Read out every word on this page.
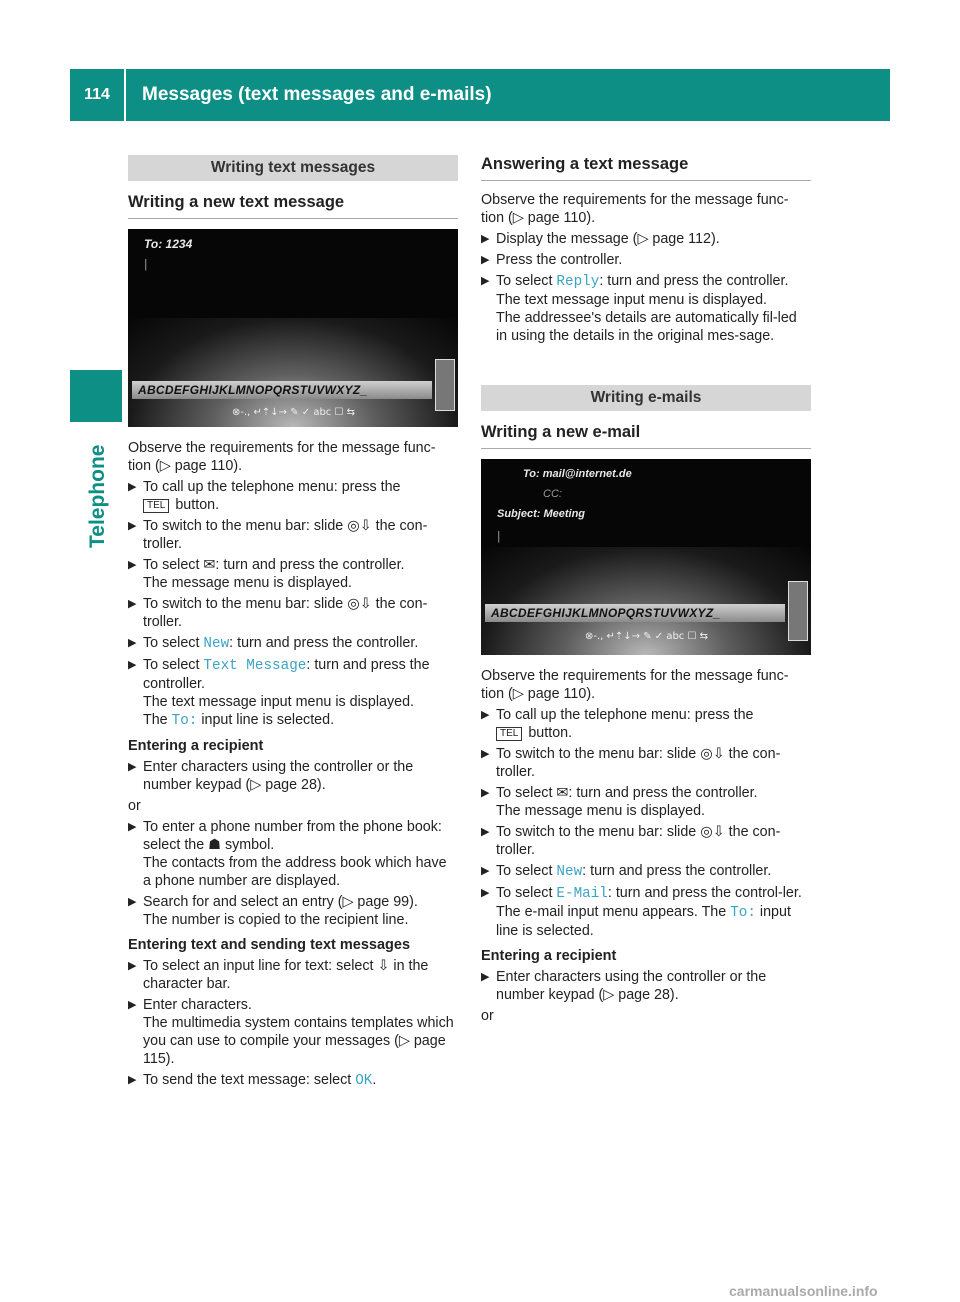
114	Messages (text messages and e-mails)
Telephone
Writing text messages
Writing a new text message
To: 1234
|
ABCDEFGHIJKLMNOPQRSTUVWXYZ_
⊗-., ↵⇡↓→ ✎ ✓ abc ☐ ⇆

Observe the requirements for the message func-tion (▷ page 110).

▶ To call up the telephone menu: press the
TEL button.
▶ To switch to the menu bar: slide ◎⇩ the con-troller.
▶ To select ✉: turn and press the controller.
The message menu is displayed.
▶ To switch to the menu bar: slide ◎⇩ the con-troller.
▶ To select New: turn and press the controller.
▶ To select Text Message: turn and press the controller.
The text message input menu is displayed.
The To: input line is selected.
Entering a recipient
▶ Enter characters using the controller or the number keypad (▷ page 28).

or

▶ To enter a phone number from the phone book: select the ☗ symbol.
The contacts from the address book which have a phone number are displayed.
▶ Search for and select an entry (▷ page 99).
The number is copied to the recipient line.
Entering text and sending text messages
▶ To select an input line for text: select ⇩ in the character bar.
▶ Enter characters.
The multimedia system contains templates which you can use to compile your messages (▷ page 115).
▶ To send the text message: select OK.
Answering a text message

Observe the requirements for the message func-tion (▷ page 110).

▶ Display the message (▷ page 112).
▶ Press the controller.
▶ To select Reply: turn and press the controller.
The text message input menu is displayed.
The addressee's details are automatically fil-led in using the details in the original mes-sage.
Writing e-mails
Writing a new e-mail
To: mail@internet.de
CC:
Subject: Meeting
|
ABCDEFGHIJKLMNOPQRSTUVWXYZ_
⊗-., ↵⇡↓→ ✎ ✓ abc ☐ ⇆

Observe the requirements for the message func-tion (▷ page 110).

▶ To call up the telephone menu: press the
TEL button.
▶ To switch to the menu bar: slide ◎⇩ the con-troller.
▶ To select ✉: turn and press the controller.
The message menu is displayed.
▶ To switch to the menu bar: slide ◎⇩ the con-troller.
▶ To select New: turn and press the controller.
▶ To select E-Mail: turn and press the control-ler.
The e-mail input menu appears. The To: input line is selected.
Entering a recipient
▶ Enter characters using the controller or the number keypad (▷ page 28).

or

carmanualsonline.info
